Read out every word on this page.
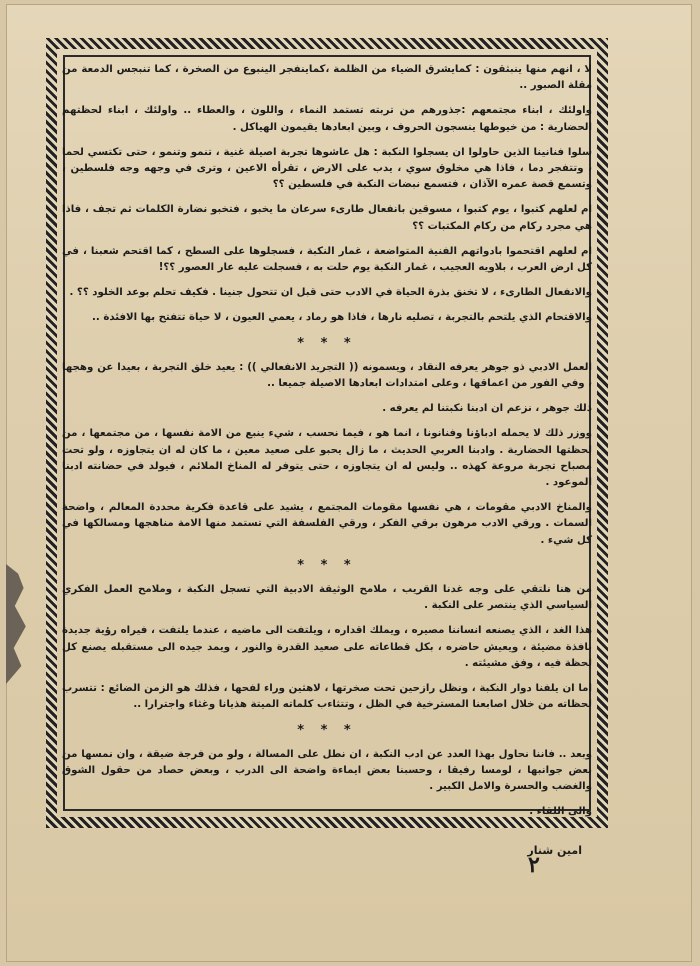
لا ، انهم منها ينبثقون : كمايشرق الضياء من الظلمة ،كماينفجر الينبوع من الصخرة ، كما تنبجس الدمعة من مقلة الصبور ..

واولئك ، ابناء مجتمعهم :جذورهم من تربته تستمد النماء ، واللون ، والعطاء .. واولئك ، ابناء لحظتهم الحضارية : من خيوطها ينسجون الحروف ، وبين ابعادها يقيمون الهياكل .

سلوا فنانينا الذين حاولوا ان يسجلوا النكبة : هل عاشوها تجربة اصيلة غنية ، تنمو وتنمو ، حتى تكتسي لحما ، وتتفجر دما ، فاذا هي مخلوق سوي ، يدب على الارض ، تقرأه الاعين ، وترى في وجهه وجه فلسطين ، وتسمع قصة عمره الآذان ، فتسمع نبضات النكبة في فلسطين ؟؟

ام لعلهم كتبوا ، يوم كتبوا ، مسوقين بانفعال طارىء سرعان ما يخبو ، فتخبو نضارة الكلمات ثم تجف ، فاذا هي مجرد ركام من ركام المكتبات ؟؟

ام لعلهم اقتحموا بادواتهم الفنية المتواضعة ، غمار النكبة ، فسجلوها على السطح ، كما اقتحم شعبنا ، في كل ارض العرب ، بلاويه العجيب ، غمار النكبة يوم حلت به ، فسجلت عليه عار العصور ؟؟!

والانفعال الطارىء ، لا تخنق بذرة الحياة في الادب حتى قبل ان تتحول جنينا . فكيف تحلم بوعد الخلود ؟؟ .

والاقتحام الذي يلتحم بالتجربة ، تصليه نارها ، فاذا هو رماد ، يعمي العيون ، لا حياة تتفتح بها الافئدة ..

* * *

العمل الادبي ذو جوهر يعرفه النقاد ، ويسمونه (( التجريد الانفعالي )) : يعيد خلق التجربة ، بعيدا عن وهجها ، وفي الفور من اعماقها ، وعلى امتدادات ابعادها الاصيلة جميعا ..

ذلك جوهر ، نزعم ان ادبنا نكبتنا لم يعرفه .

ووزر ذلك لا يحمله ادباؤنا وفنانونا ، انما هو ، فيما نحسب ، شيء ينبع من الامة نفسها ، من مجتمعها ، من لحظتها الحضارية . وادبنا العربي الحديث ، ما زال يحبو على صعيد معين ، ما كان له ان يتجاوزه ، ولو تحت مصباح تجربة مروعة كهذه .. وليس له ان يتجاوزه ، حتى يتوفر له المناخ الملائم ، فيولد في حضانته ادبنا الموعود .

والمناخ الادبي مقومات ، هي نفسها مقومات المجتمع ، يشيد على قاعدة فكرية محددة المعالم ، واضحة السمات . ورقي الادب مرهون برقي الفكر ، ورقي الفلسفة التي تستمد منها الامة مناهجها ومسالكها في كل شيء .

* * *

من هنا نلتقي على وجه غدنا القريب ، ملامح الوثيقة الادبية التي تسجل النكبة ، وملامح العمل الفكري السياسي الذي ينتصر على النكبة .

هذا الغد ، الذي يصنعه انساننا مصيره ، ويملك اقداره ، ويلتفت الى ماضيه ، عندما يلتفت ، فيراه رؤية جديدة نافذة مضيئة ، ويعيش حاضره ، بكل قطاعاته على صعيد القدرة والنور ، ويمد جيده الى مستقبله يصنع كل لحظة فيه ، وفق مشيئته .

اما ان يلفنا دوار النكبة ، ونظل رازحين تحت صخرتها ، لاهثين وراء لفحها ، فذلك هو الزمن الضائع : تتسرب لحظاته من خلال اصابعنا المسترخية في الظل ، وتتثاءب كلماته الميتة هذيانا وغثاء واجترارا ..

* * *

وبعد .. فاننا نحاول بهذا العدد عن ادب النكبة ، ان نطل على المسالة ، ولو من فرجة ضيقة ، وان نمسها من بعض جوانبها ، لومسا رفيقا ، وحسبنا بعض ايماءة واضحة الى الدرب ، وبعض حصاد من حقول الشوق والغضب والحسرة والامل الكبير .

والى اللقاء .

امين شنار
٢
